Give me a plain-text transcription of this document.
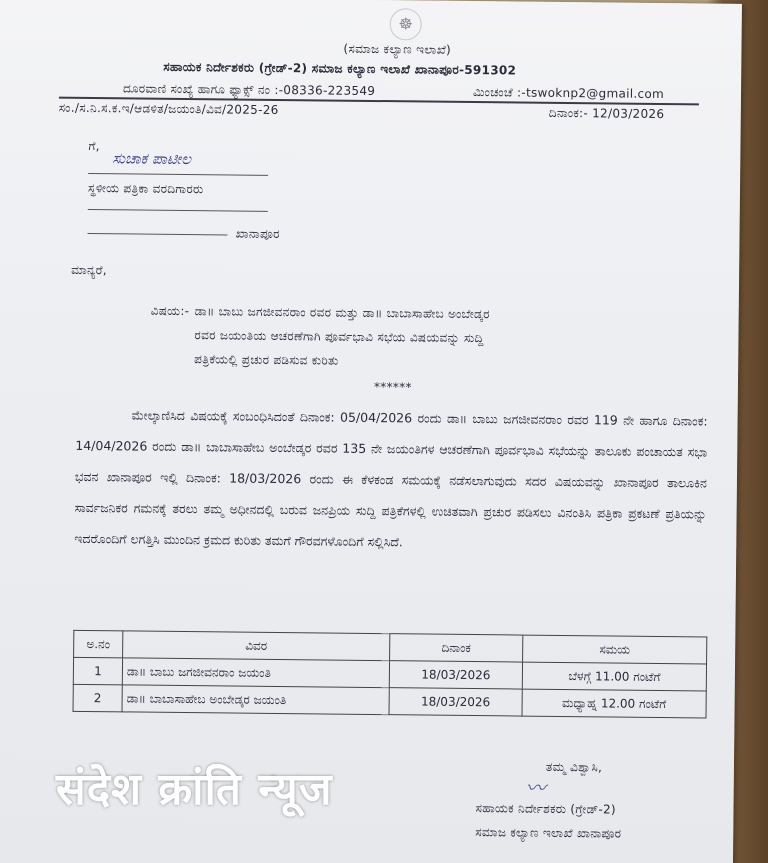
☸
(ಸಮಾಜ ಕಲ್ಯಾಣ ಇಲಾಖೆ)
ಸಹಾಯಕ ನಿರ್ದೇಶಕರು (ಗ್ರೇಡ್-2) ಸಮಾಜ ಕಲ್ಯಾಣ ಇಲಾಖೆ ಖಾನಾಪೂರ-591302
ದೂರವಾಣಿ ಸಂಖ್ಯೆ ಹಾಗೂ ಫ್ಯಾಕ್ಸ್ ನಂ :-08336-223549	ಮಿಂಚಂಚೆ :-tswoknp2@gmail.com
ಸಂ./ಸ.ನಿ.ಸ.ಕ.ಇ/ಆಡಳಿತ/ಜಯಂತಿ/ವಿವ/2025-26	ದಿನಾಂಕ:- 12/03/2026
ಗೆ,
ಸುಚಾಕ ಪಾಟೀಲ
ಸ್ಥಳೀಯ ಪತ್ರಿಕಾ ವರದಿಗಾರರು
ಖಾನಾಪೂರ
ಮಾನ್ಯರೆ,
ವಿಷಯ:- ಡಾ॥ ಬಾಬು ಜಗಜೀವನರಾಂ ರವರ ಮತ್ತು ಡಾ॥ ಬಾಬಾಸಾಹೇಬ ಅಂಬೇಡ್ಕರ
ರವರ ಜಯಂತಿಯ ಆಚರಣೆಗಾಗಿ ಪೂರ್ವಭಾವಿ ಸಭೆಯ ವಿಷಯವನ್ನು ಸುದ್ದಿ
ಪತ್ರಿಕೆಯಲ್ಲಿ ಪ್ರಚುರ ಪಡಿಸುವ ಕುರಿತು
******
ಮೇಲ್ಕಾಣಿಸಿದ ವಿಷಯಕ್ಕೆ ಸಂಬಂಧಿಸಿದಂತೆ ದಿನಾಂಕ: 05/04/2026 ರಂದು ಡಾ॥ ಬಾಬು ಜಗಜೀವನರಾಂ ರವರ 119 ನೇ ಹಾಗೂ ದಿನಾಂಕ: 14/04/2026 ರಂದು ಡಾ॥ ಬಾಬಾಸಾಹೇಬ ಅಂಬೇಡ್ಕರ ರವರ 135 ನೇ ಜಯಂತಿಗಳ ಆಚರಣೆಗಾಗಿ ಪೂರ್ವಭಾವಿ ಸಭೆಯನ್ನು ತಾಲೂಕು ಪಂಚಾಯತ ಸಭಾ ಭವನ ಖಾನಾಪೂರ ಇಲ್ಲಿ ದಿನಾಂಕ: 18/03/2026 ರಂದು ಈ ಕೆಳಕಂಡ ಸಮಯಕ್ಕೆ ನಡೆಸಲಾಗುವುದು ಸದರ ವಿಷಯವನ್ನು ಖಾನಾಪೂರ ತಾಲೂಕಿನ ಸಾರ್ವಜನಿಕರ ಗಮನಕ್ಕೆ ತರಲು ತಮ್ಮ ಅಧೀನದಲ್ಲಿ ಬರುವ ಜನಪ್ರಿಯ ಸುದ್ದಿ ಪತ್ರಿಕೆಗಳಲ್ಲಿ ಉಚಿತವಾಗಿ ಪ್ರಚುರ ಪಡಿಸಲು ವಿನಂತಿಸಿ ಪತ್ರಿಕಾ ಪ್ರಕಟಣೆ ಪ್ರತಿಯನ್ನು ಇದರೊಂದಿಗೆ ಲಗತ್ತಿಸಿ ಮುಂದಿನ ಕ್ರಮದ ಕುರಿತು ತಮಗೆ ಗೌರವಗಳೊಂದಿಗೆ ಸಲ್ಲಿಸಿದೆ.
ಅ.ನಂ	ವಿವರ	ದಿನಾಂಕ	ಸಮಯ
1	ಡಾ॥ ಬಾಬು ಜಗಜೀವನರಾಂ ಜಯಂತಿ	18/03/2026	ಬೆಳಗ್ಗೆ 11.00 ಗಂಟೆಗೆ
2	ಡಾ॥ ಬಾಬಾಸಾಹೇಬ ಅಂಬೇಡ್ಕರ ಜಯಂತಿ	18/03/2026	ಮಧ್ಯಾಹ್ನ 12.00 ಗಂಟೆಗೆ
ತಮ್ಮ ವಿಶ್ವಾಸಿ,
〰
ಸಹಾಯಕ ನಿರ್ದೇಶಕರು (ಗ್ರೇಡ್-2)
ಸಮಾಜ ಕಲ್ಯಾಣ ಇಲಾಖೆ ಖಾನಾಪೂರ
संदेश क्रांति न्यूज
